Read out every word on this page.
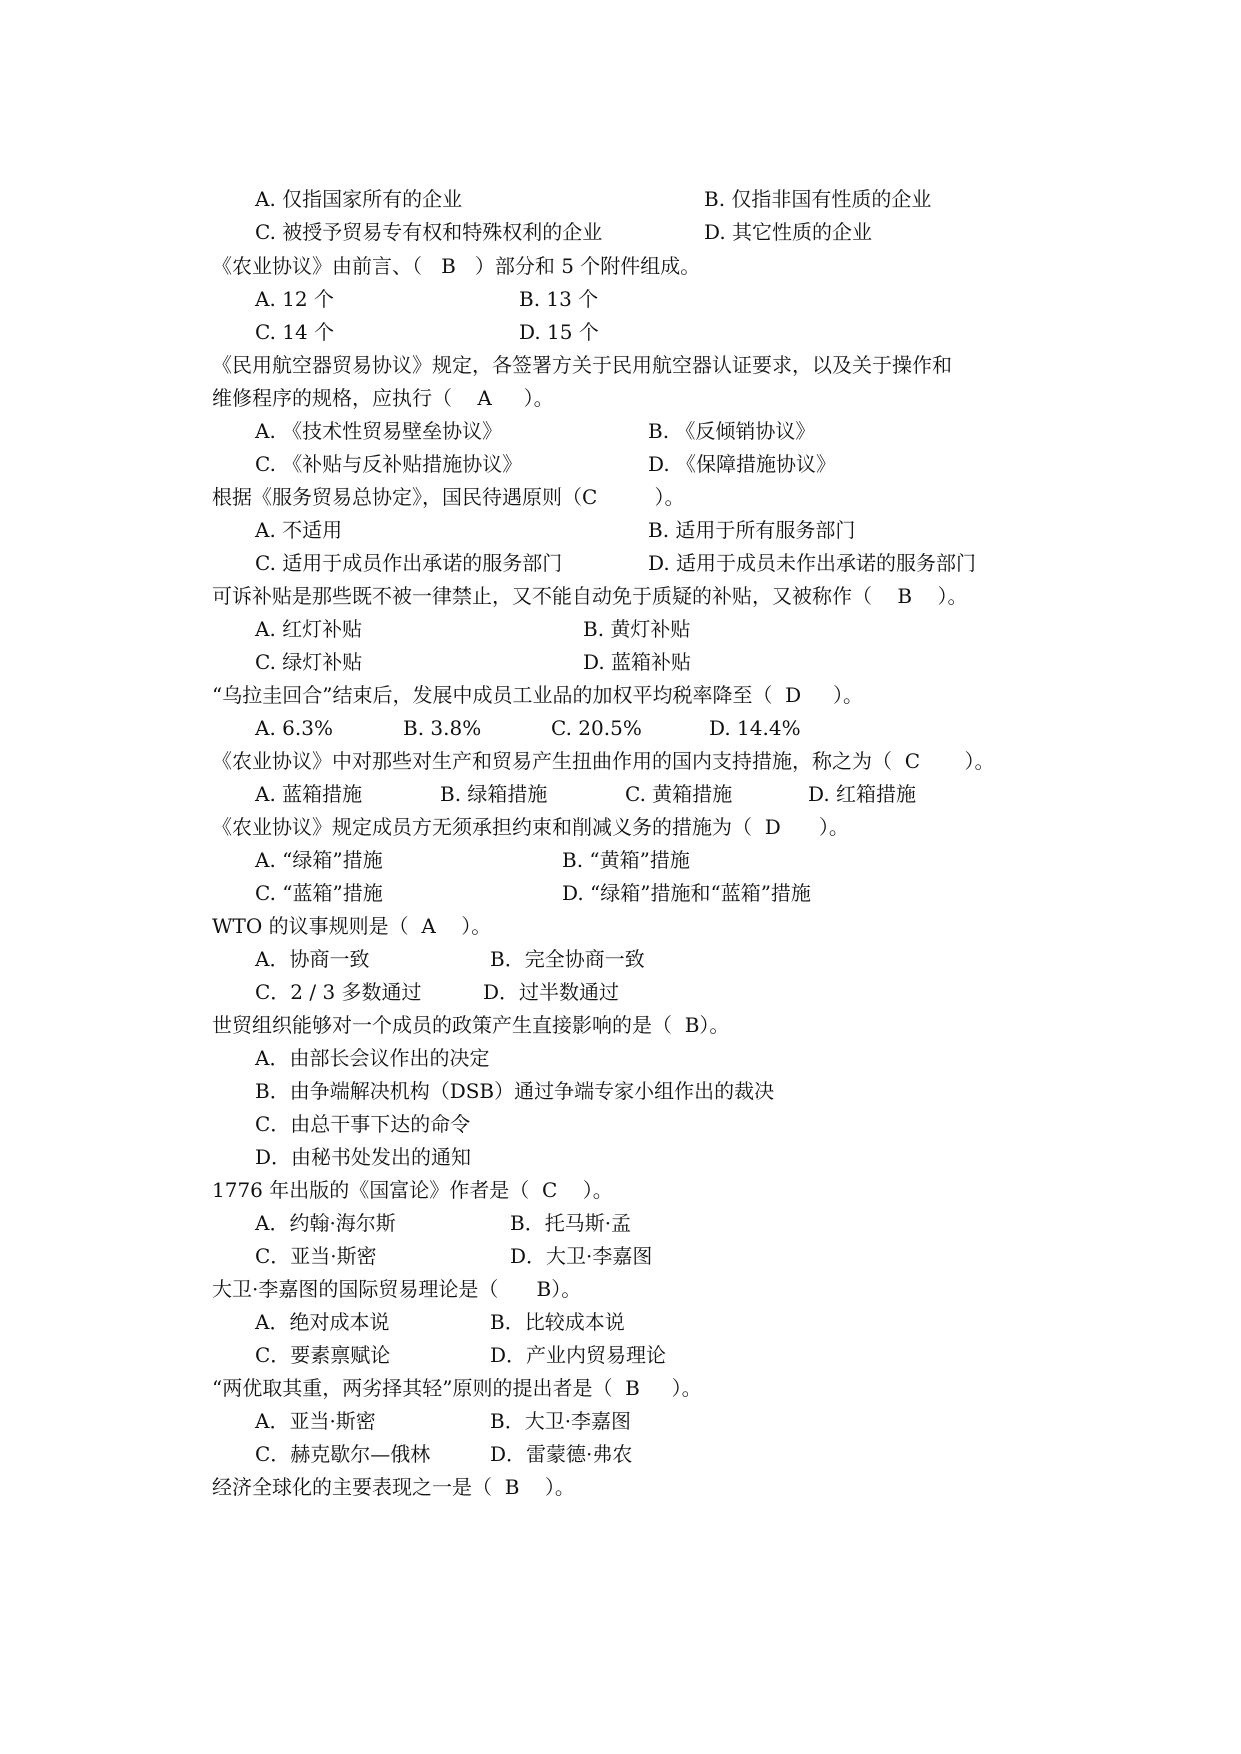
A. 仅指国家所有的企业	B. 仅指非国有性质的企业
C. 被授予贸易专有权和特殊权利的企业	D. 其它性质的企业
《农业协议》由前言、（   B   ）部分和 5 个附件组成。
A. 12 个	B. 13 个
C. 14 个	D. 15 个
《民用航空器贸易协议》规定，各签署方关于民用航空器认证要求，以及关于操作和
维修程序的规格，应执行（    A     ）。
A. 《技术性贸易壁垒协议》	B. 《反倾销协议》
C. 《补贴与反补贴措施协议》	D. 《保障措施协议》
根据《服务贸易总协定》，国民待遇原则（C         ）。
A. 不适用	B. 适用于所有服务部门
C. 适用于成员作出承诺的服务部门	D. 适用于成员未作出承诺的服务部门
可诉补贴是那些既不被一律禁止，又不能自动免于质疑的补贴，又被称作（    B    ）。
A. 红灯补贴	B. 黄灯补贴
C. 绿灯补贴	D. 蓝箱补贴
“乌拉圭回合”结束后，发展中成员工业品的加权平均税率降至（  D     ）。
A. 6.3%	B. 3.8%	C. 20.5%	D. 14.4%
《农业协议》中对那些对生产和贸易产生扭曲作用的国内支持措施，称之为（  C       ）。
A. 蓝箱措施	B. 绿箱措施	C. 黄箱措施	D. 红箱措施
《农业协议》规定成员方无须承担约束和削减义务的措施为（  D      ）。
A. “绿箱”措施	B. “黄箱”措施
C. “蓝箱”措施	D. “绿箱”措施和“蓝箱”措施
WTO 的议事规则是（  A    ）。
A．协商一致	B．完全协商一致
C．2 / 3 多数通过	D．过半数通过
世贸组织能够对一个成员的政策产生直接影响的是（  B）。
A．由部长会议作出的决定
B．由争端解决机构（DSB）通过争端专家小组作出的裁决
C．由总干事下达的命令
D．由秘书处发出的通知
1776 年出版的《国富论》作者是（  C    ）。
A．约翰·海尔斯	B．托马斯·孟
C．亚当·斯密	D．大卫·李嘉图
大卫·李嘉图的国际贸易理论是（      B）。
A．绝对成本说	B．比较成本说
C．要素禀赋论	D．产业内贸易理论
“两优取其重，两劣择其轻”原则的提出者是（  B     ）。
A．亚当·斯密	B．大卫·李嘉图
C．赫克歇尔—俄林	D．雷蒙德·弗农
经济全球化的主要表现之一是（  B    ）。
